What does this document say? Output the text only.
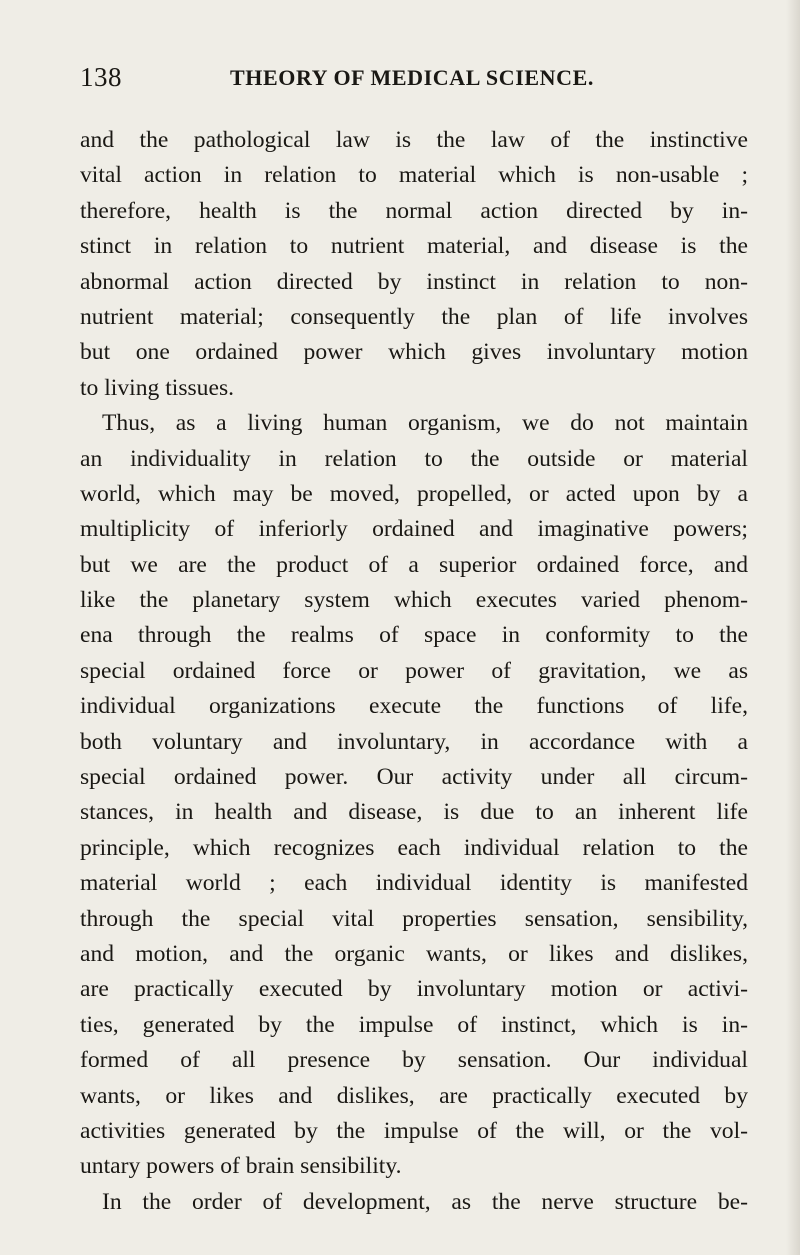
138	THEORY OF MEDICAL SCIENCE.
and the pathological law is the law of the instinctive
vital action in relation to material which is non-usable ;
therefore, health is the normal action directed by in-
stinct in relation to nutrient material, and disease is the
abnormal action directed by instinct in relation to non-
nutrient material; consequently the plan of life involves
but one ordained power which gives involuntary motion
to living tissues.
Thus, as a living human organism, we do not maintain
an individuality in relation to the outside or material
world, which may be moved, propelled, or acted upon by a
multiplicity of inferiorly ordained and imaginative powers;
but we are the product of a superior ordained force, and
like the planetary system which executes varied phenom-
ena through the realms of space in conformity to the
special ordained force or power of gravitation, we as
individual organizations execute the functions of life,
both voluntary and involuntary, in accordance with a
special ordained power. Our activity under all circum-
stances, in health and disease, is due to an inherent life
principle, which recognizes each individual relation to the
material world ; each individual identity is manifested
through the special vital properties sensation, sensibility,
and motion, and the organic wants, or likes and dislikes,
are practically executed by involuntary motion or activi-
ties, generated by the impulse of instinct, which is in-
formed of all presence by sensation. Our individual
wants, or likes and dislikes, are practically executed by
activities generated by the impulse of the will, or the vol-
untary powers of brain sensibility.
In the order of development, as the nerve structure be-
